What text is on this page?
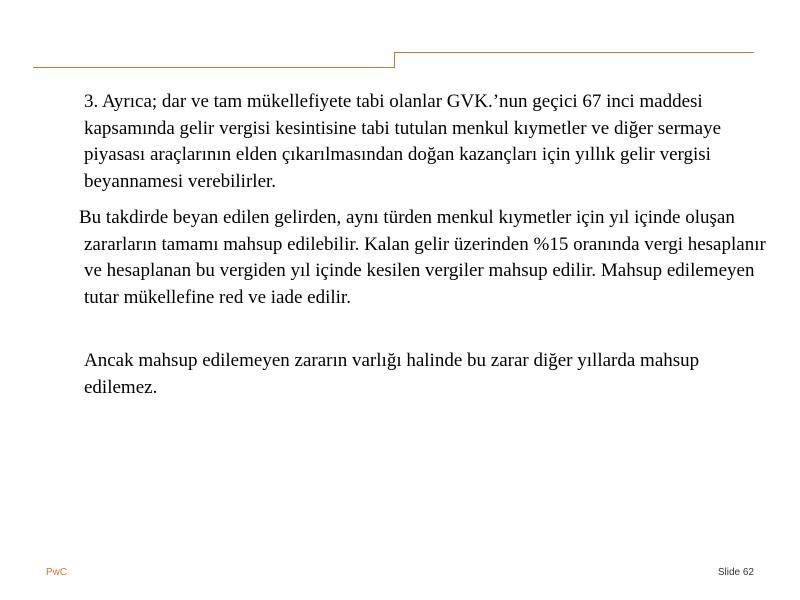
3. Ayrıca; dar ve tam mükellefiyete tabi olanlar GVK.’nun geçici 67 inci maddesi kapsamında gelir vergisi kesintisine tabi tutulan menkul kıymetler ve diğer sermaye piyasası araçlarının elden çıkarılmasından doğan kazançları için yıllık gelir vergisi beyannamesi verebilirler.

Bu takdirde beyan edilen gelirden, aynı türden menkul kıymetler için yıl içinde oluşan zararların tamamı mahsup edilebilir. Kalan gelir üzerinden %15 oranında vergi hesaplanır ve hesaplanan bu vergiden yıl içinde kesilen vergiler mahsup edilir. Mahsup edilemeyen tutar mükellefine red ve iade edilir.

Ancak mahsup edilemeyen zararın varlığı halinde bu zarar diğer yıllarda mahsup edilemez.

PwC	Slide 62
